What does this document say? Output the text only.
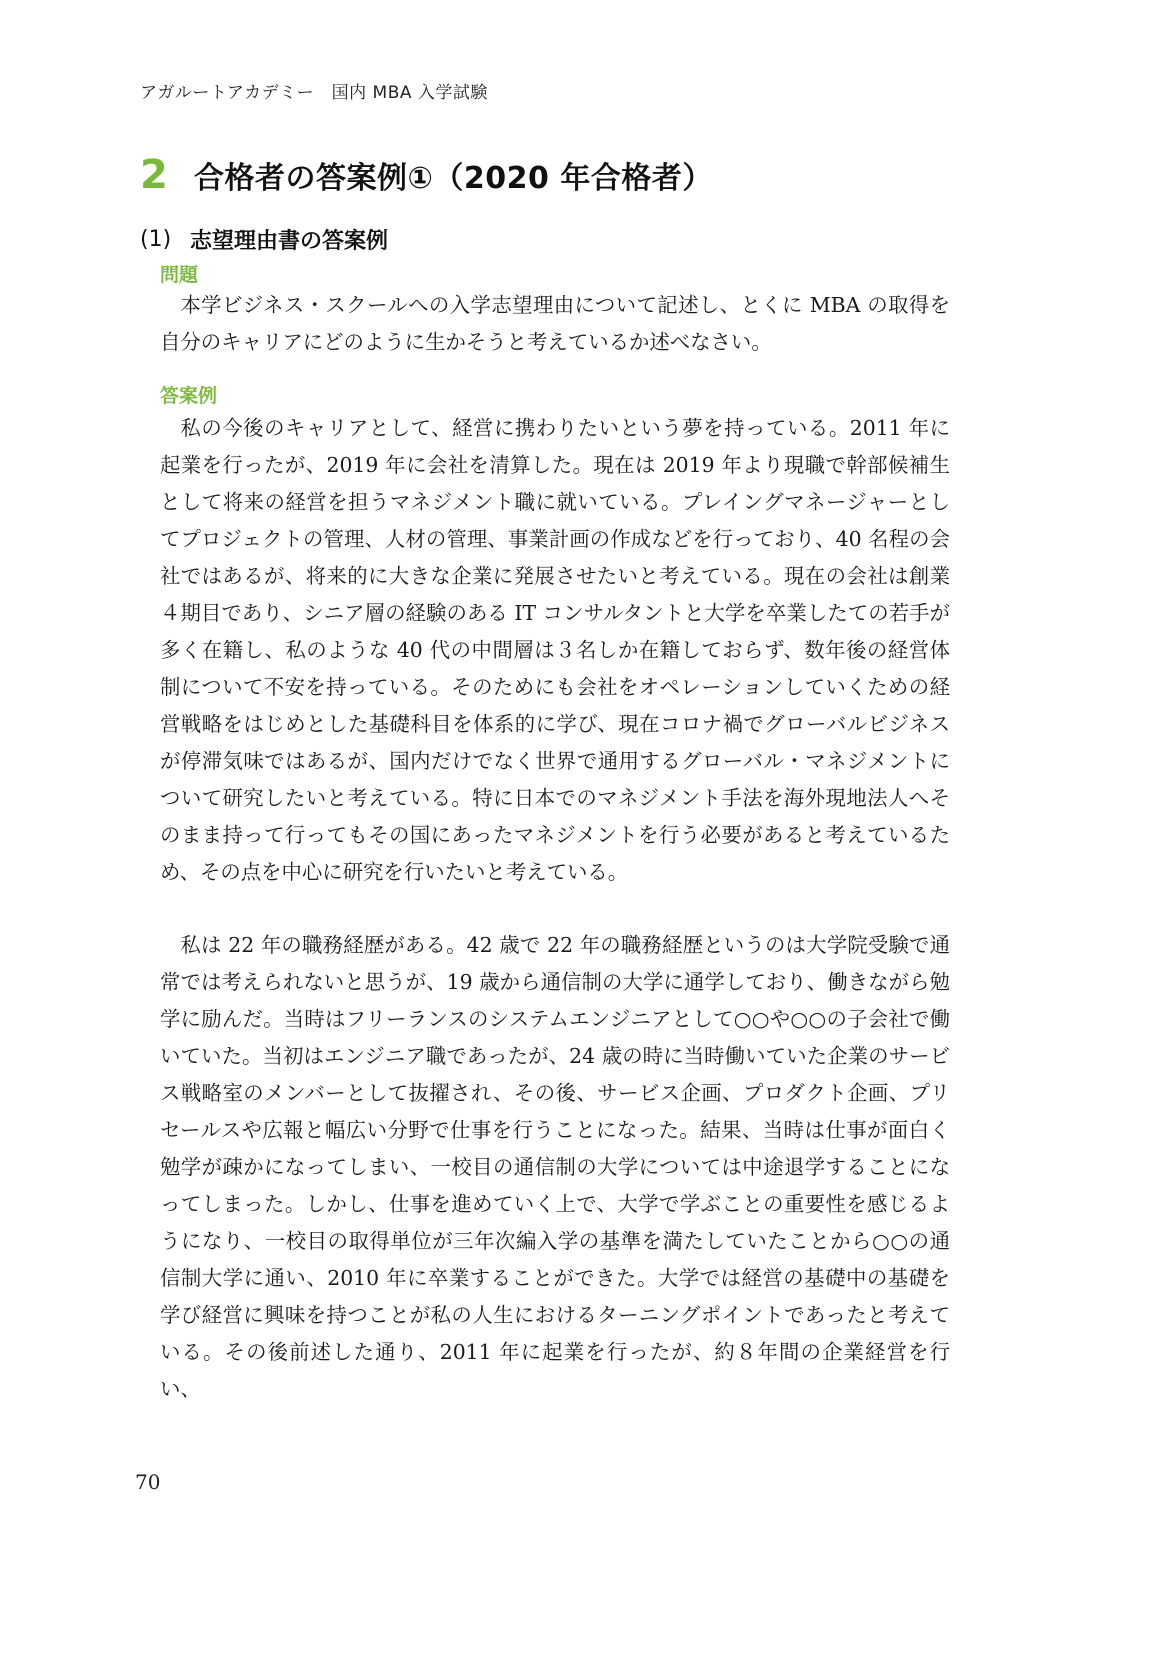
アガルートアカデミー　国内 MBA 入学試験
2 合格者の答案例①（2020 年合格者）
(1) 志望理由書の答案例
問題

本学ビジネス・スクールへの入学志望理由について記述し、とくに MBA の取得を自分のキャリアにどのように生かそうと考えているか述べなさい。

答案例

私の今後のキャリアとして、経営に携わりたいという夢を持っている。2011 年に起業を行ったが、2019 年に会社を清算した。現在は 2019 年より現職で幹部候補生として将来の経営を担うマネジメント職に就いている。プレイングマネージャーとしてプロジェクトの管理、人材の管理、事業計画の作成などを行っており、40 名程の会社ではあるが、将来的に大きな企業に発展させたいと考えている。現在の会社は創業４期目であり、シニア層の経験のある IT コンサルタントと大学を卒業したての若手が多く在籍し、私のような 40 代の中間層は３名しか在籍しておらず、数年後の経営体制について不安を持っている。そのためにも会社をオペレーションしていくための経営戦略をはじめとした基礎科目を体系的に学び、現在コロナ禍でグローバルビジネスが停滞気味ではあるが、国内だけでなく世界で通用するグローバル・マネジメントについて研究したいと考えている。特に日本でのマネジメント手法を海外現地法人へそのまま持って行ってもその国にあったマネジメントを行う必要があると考えているため、その点を中心に研究を行いたいと考えている。

私は 22 年の職務経歴がある。42 歳で 22 年の職務経歴というのは大学院受験で通常では考えられないと思うが、19 歳から通信制の大学に通学しており、働きながら勉学に励んだ。当時はフリーランスのシステムエンジニアとして○○や○○の子会社で働いていた。当初はエンジニア職であったが、24 歳の時に当時働いていた企業のサービス戦略室のメンバーとして抜擢され、その後、サービス企画、プロダクト企画、プリセールスや広報と幅広い分野で仕事を行うことになった。結果、当時は仕事が面白く勉学が疎かになってしまい、一校目の通信制の大学については中途退学することになってしまった。しかし、仕事を進めていく上で、大学で学ぶことの重要性を感じるようになり、一校目の取得単位が三年次編入学の基準を満たしていたことから○○の通信制大学に通い、2010 年に卒業することができた。大学では経営の基礎中の基礎を学び経営に興味を持つことが私の人生におけるターニングポイントであったと考えている。その後前述した通り、2011 年に起業を行ったが、約８年間の企業経営を行い、

70
